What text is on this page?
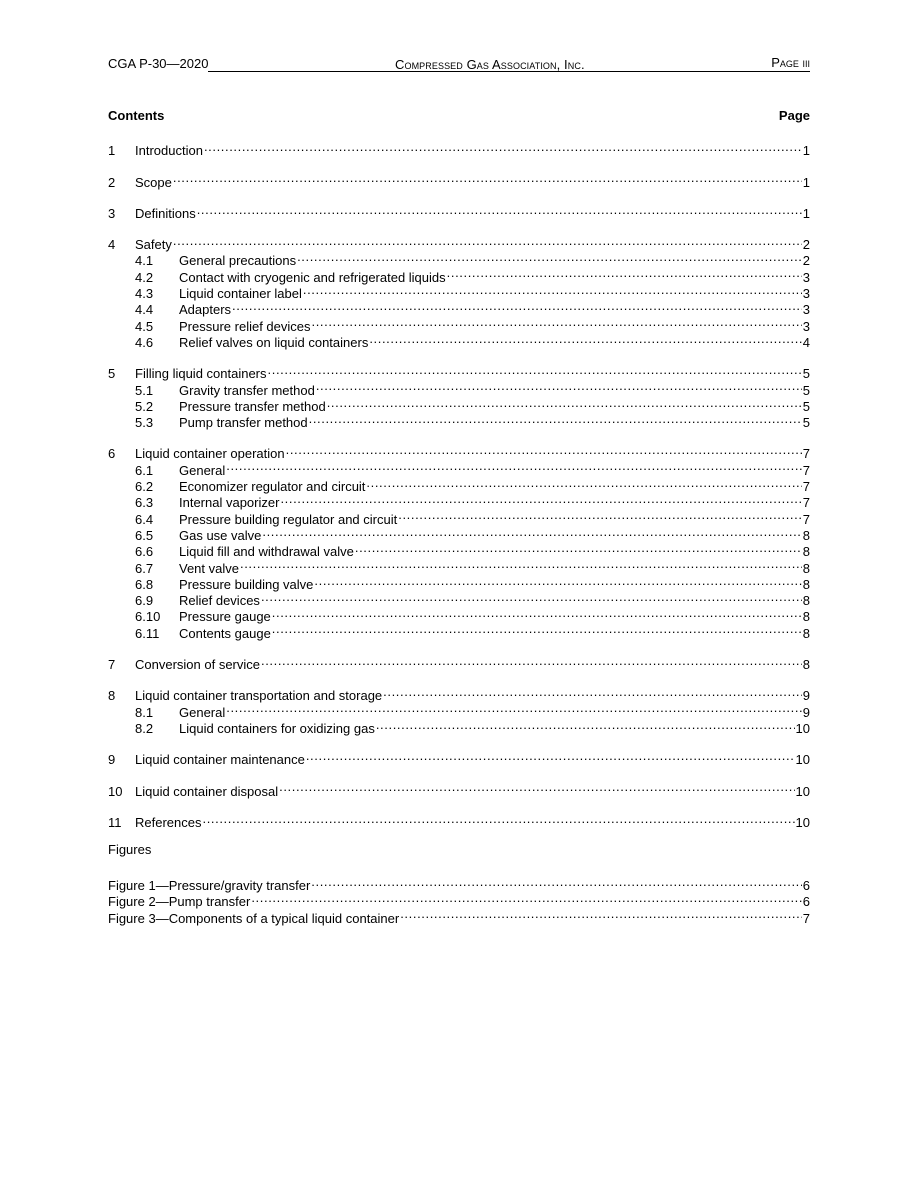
CGA P-30—2020	Compressed Gas Association, Inc.	Page iii
Contents	Page
1	Introduction .....	1
2	Scope .....	1
3	Definitions .....	1
4	Safety .....	2
4.1	General precautions .....	2
4.2	Contact with cryogenic and refrigerated liquids .....	3
4.3	Liquid container label .....	3
4.4	Adapters .....	3
4.5	Pressure relief devices .....	3
4.6	Relief valves on liquid containers .....	4
5	Filling liquid containers .....	5
5.1	Gravity transfer method .....	5
5.2	Pressure transfer method .....	5
5.3	Pump transfer method .....	5
6	Liquid container operation .....	7
6.1	General .....	7
6.2	Economizer regulator and circuit .....	7
6.3	Internal vaporizer .....	7
6.4	Pressure building regulator and circuit .....	7
6.5	Gas use valve .....	8
6.6	Liquid fill and withdrawal valve .....	8
6.7	Vent valve .....	8
6.8	Pressure building valve .....	8
6.9	Relief devices .....	8
6.10	Pressure gauge .....	8
6.11	Contents gauge .....	8
7	Conversion of service .....	8
8	Liquid container transportation and storage .....	9
8.1	General .....	9
8.2	Liquid containers for oxidizing gas .....	10
9	Liquid container maintenance .....	10
10 Liquid container disposal .....	10
11	References .....	10
Figures
Figure 1—Pressure/gravity transfer .....	6
Figure 2—Pump transfer .....	6
Figure 3—Components of a typical liquid container .....	7
